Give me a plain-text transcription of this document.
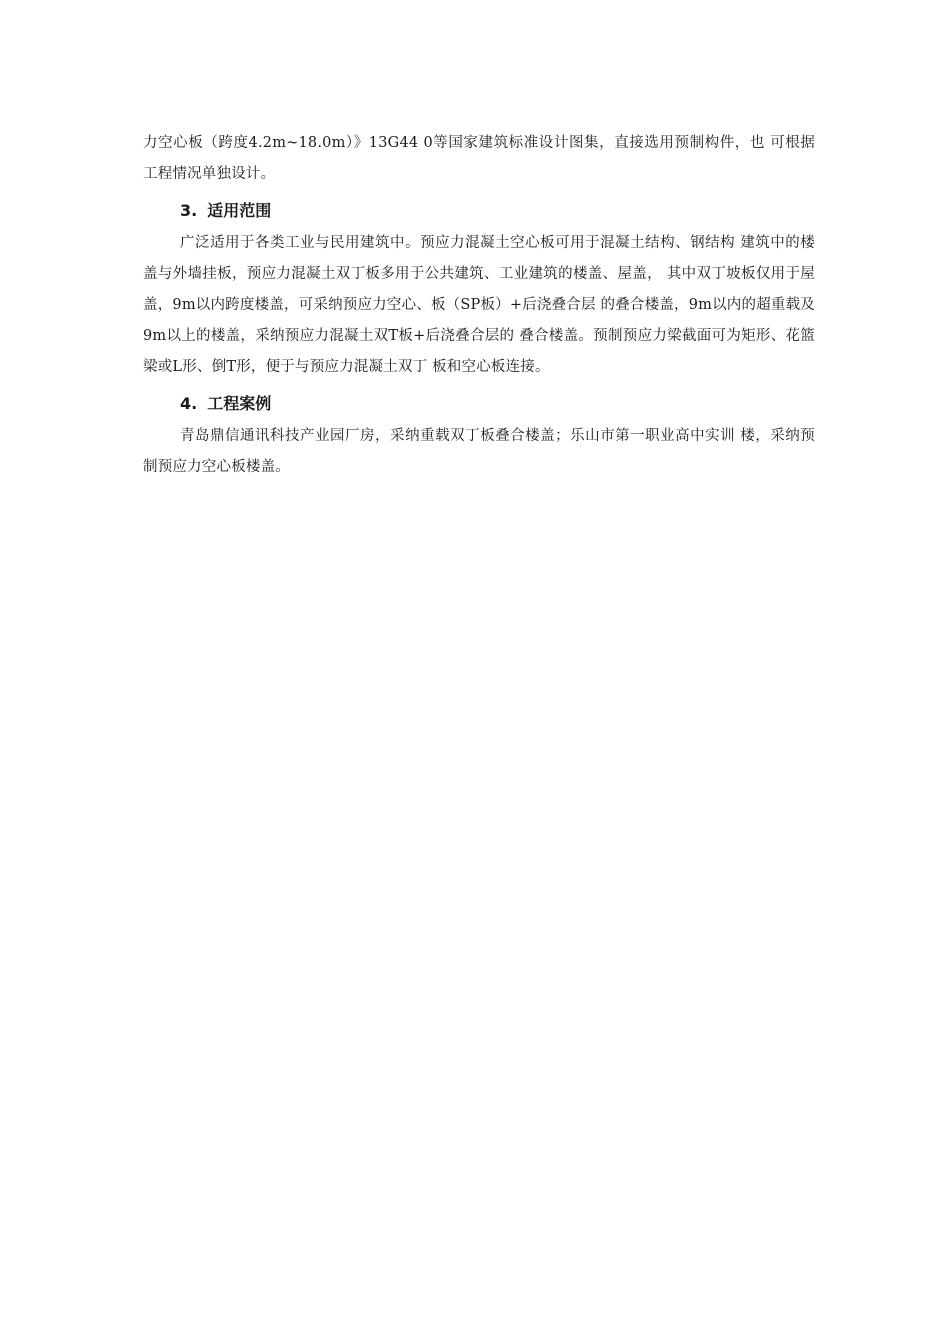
力空心板（跨度4.2m~18.0m）》13G44 0等国家建筑标准设计图集，直接选用预制构件，也 可根据工程情况单独设计。

3. 适用范围

广泛适用于各类工业与民用建筑中。预应力混凝土空心板可用于混凝土结构、钢结构 建筑中的楼盖与外墙挂板，预应力混凝土双丁板多用于公共建筑、工业建筑的楼盖、屋盖， 其中双丁坡板仅用于屋盖，9m以内跨度楼盖，可采纳预应力空心、板（SP板）+后浇叠合层 的叠合楼盖，9m以内的超重载及9m以上的楼盖，采纳预应力混凝土双T板+后浇叠合层的 叠合楼盖。预制预应力梁截面可为矩形、花篮梁或L形、倒T形，便于与预应力混凝土双丁 板和空心板连接。

4. 工程案例

青岛鼎信通讯科技产业园厂房，采纳重载双丁板叠合楼盖；乐山市第一职业高中实训 楼，采纳预制预应力空心板楼盖。
